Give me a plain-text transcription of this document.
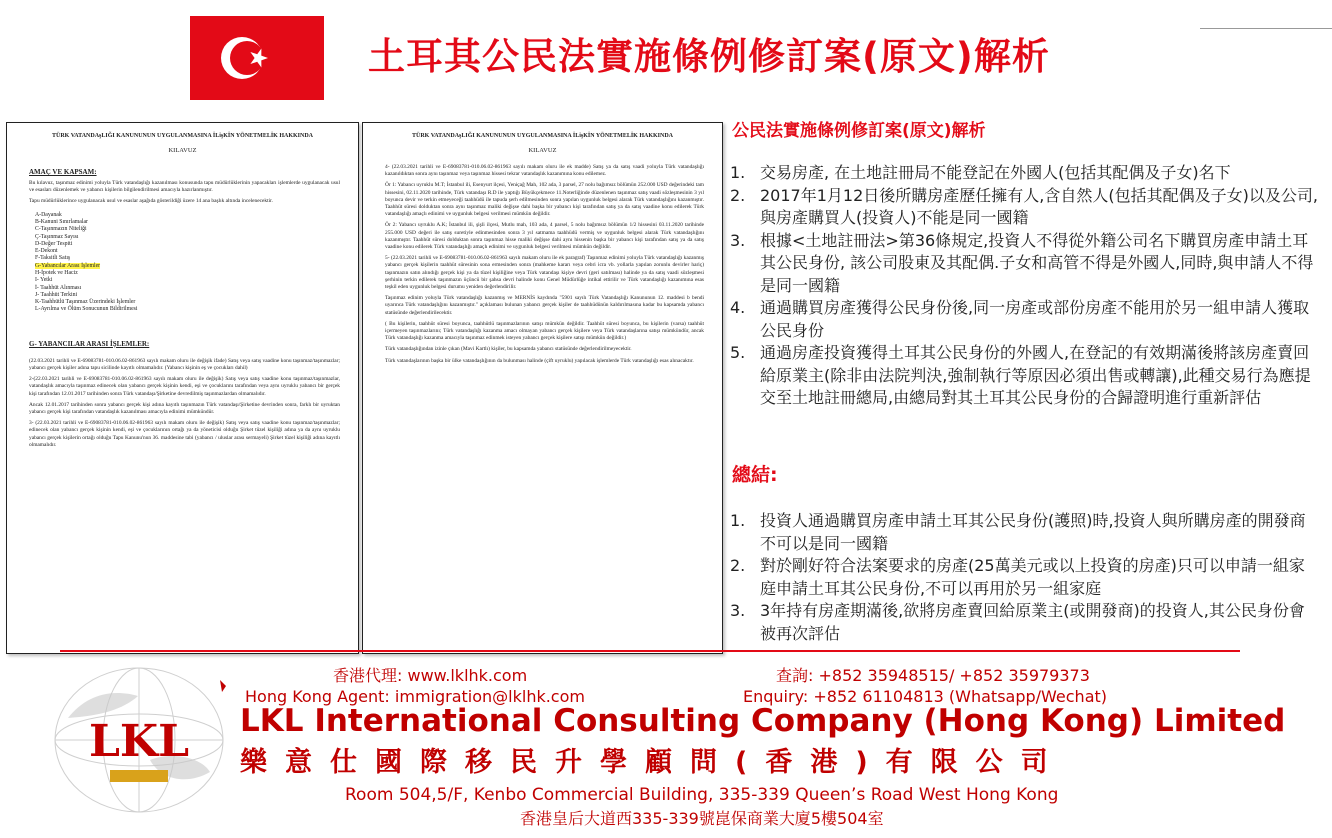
土耳其公民法實施條例修訂案(原文)解析
TÜRK VATANDAşLIĞI KANUNUNUN UYGULANMASINA İLişKİN YÖNETMELİK HAKKINDA
KILAVUZ
AMAÇ VE KAPSAM:

Bu kılavuz, taşınmaz edinimi yoluyla Türk vatandaşlığı kazanılması konusunda tapu müdürlüklerinin yapacakları işlemlerde uygulanacak usul ve esasları düzenlemek ve yabancı kişilerin bilgilendirilmesi amacıyla hazırlanmıştır.

Tapu müdürlüklerince uygulanacak usul ve esaslar aşağıda gösterildiği üzere 14 ana başlık altında incelenecektir.

A-Dayanak
B-Kanuni Sınırlamalar
C-Taşınmazın Niteliği
Ç-Taşınmaz Sayısı
D-Değer Tespiti
E-Dekont
F-Taksitli Satış
G-Yabancılar Arası İşlemler
H-İpotek ve Haciz
I- Yetki
İ- Taahhüt Alınması
J- Taahhüt Terkini
K-Taahhütlü Taşınmaz Üzerindeki İşlemler
L-Ayrılma ve Ölüm Sonucunun Bildirilmesi
G- YABANCILAR ARASI İŞLEMLER:

(22.03.2021 tarihli ve E-69083781-010.06.02-861963 sayılı makam oluru ile değişik ifade) Satış veya satış vaadine konu taşınmaz/taşınmazlar; yabancı gerçek kişiler adına tapu sicilinde kayıtlı olmamalıdır. (Yabancı kişinin eş ve çocukları dahil)

2-(22.03.2021 tarihli ve E-69083781-010.06.02-861963 sayılı makam oluru ile değişik) Satış veya satış vaadine konu taşınmaz/taşınmazlar, vatandaşlık amacıyla taşınmaz edinecek olan yabancı gerçek kişinin kendi, eşi ve çocuklarını tarafından veya aynı uyruklu yabancı bir gerçek kişi tarafından 12.01.2017 tarihinden sonra Türk vatandaşı/Şirketine devredilmiş taşınmazlardan olmamalıdır.

Ancak 12.01.2017 tarihinden sonra yabancı gerçek kişi adına kayıtlı taşınmazın Türk vatandaşı/Şirketine devrinden sonra, farklı bir uyruktan yabancı gerçek kişi tarafından vatandaşlık kazanılması amacıyla edinimi mümkündür.

3- (22.03.2021 tarihli ve E-69083781-010.06.02-861963 sayılı makam oluru ile değişik) Satış veya satış vaadine konu taşınmaz/taşınmazlar; edinecek olan yabancı gerçek kişinin kendi, eşi ve çocuklarının ortağı ya da yöneticisi olduğu Şirket tüzel kişiliği adına ya da aynı uyruklu yabancı gerçek kişilerin ortağı olduğu Tapu Kanunu'nun 36. maddesine tabi (yabancı / uluslar arası sermayeli) Şirket tüzel kişiliği adına kayıtlı olmamalıdır.

TÜRK VATANDAşLIĞI KANUNUNUN UYGULANMASINA İLişKİN YÖNETMELİK HAKKINDA
KILAVUZ

4- (22.03.2021 tarihli ve E-69083781-010.06.02-861963 sayılı makam oluru ile ek madde) Satış ya da satış vaadi yoluyla Türk vatandaşlığı kazanıldıktan sonra aynı taşınmaz veya taşınmaz hissesi tekrar vatandaşlık kazanımına konu edilemez.

Ör 1: Yabancı uyruklu M.T; İstanbul ili, Esenyurt ilçesi, Yeniçağ Mah, 102 ada, 3 parsel, 27 nolu bağımsız bölümün 252.000 USD değerindeki tam hissesini, 02.11.2020 tarihinde, Türk vatandaşı R.D ile yaptığı Büyükçekmece 11.Noterliğinde düzenlenen taşınmaz satış vaadi sözleşmesinin 3 yıl boyunca devir ve terkin etmeyeceği taahhüdü ile tapuda şerh edilmesinden sonra yapılan uygunluk belgesi alarak Türk vatandaşlığını kazanmıştır. Taahhüt süresi dolduktan sonra aynı taşınmaz maliki değişse dahi başka bir yabancı kişi tarafından satış ya da satış vaadine konu edilerek Türk vatandaşlığı amaçlı edinimi ve uygunluk belgesi verilmesi mümkün değildir.

Ör 2: Yabancı uyruklu A.K; İstanbul ili, şişli ilçesi, Mutlu mah, 103 ada, 4 parsel, 5 nolu bağımsız bölümün 1/2 hissesini 03.11.2020 tarihinde 255.000 USD değeri ile satış suretiyle edinmesinden sonra 3 yıl satmama taahhüdü vermiş ve uygunluk belgesi alarak Türk vatandaşlığını kazanmıştır. Taahhüt süresi dolduktan sonra taşınmaz hisse maliki değişse dahi aynı hissenin başka bir yabancı kişi tarafından satış ya da satış vaadine konu edilerek Türk vatandaşlığı amaçlı edinimi ve uygunluk belgesi verilmesi mümkün değildir.

5- (22.03.2021 tarihli ve E-69083781-010.06.02-861963 sayılı makam oluru ile ek paragraf) Taşınmaz edinimi yoluyla Türk vatandaşlığı kazanmış yabancı gerçek kişilerin taahhüt süresinin sona ermesinden sonra (mahkeme kararı veya cebri icra vb. yollarla yapılan zorunlu devirler hariç) taşınmazın satın alındığı gerçek kişi ya da tüzel kişiliğine veya Türk vatandaşı kişiye devri (geri satılması) halinde ya da satış vaadi sözleşmesi şerhinin terkin edilerek taşınmazın üçüncü bir şahsa devri halinde konu Genel Müdürlüğe intikal ettirilir ve Türk vatandaşlığı kazanımına esas teşkil eden uygunluk belgesi durumu yeniden değerlendirilir.

Taşınmaz edinim yoluyla Türk vatandaşlığı kazanmış ve MERNİS kaydında "5901 sayılı Türk Vatandaşlığı Kanununun 12. maddesi b bendi uyarınca Türk vatandaşlığını kazanmıştır." açıklaması bulunan yabancı gerçek kişiler de taahhüdünün kaldırılmasına kadar bu kapsamda yabancı statüsünde değerlendirilecektir.

( Bu kişilerin, taahhüt süresi boyunca, taahhütlü taşınmazlarının satışı mümkün değildir. Taahhüt süresi boyunca, bu kişilerin (varsa) taahhüt içermeyen taşınmazlarını; Türk vatandaşlığı kazanma amacı olmayan yabancı gerçek kişilere veya Türk vatandaşlarına satışı mümkündür, ancak Türk vatandaşlığı kazanma amacıyla taşınmaz edinmek isteyen yabancı gerçek kişilere satışı mümkün değildir.)

Türk vatandaşlığından izinle çıkan (Mavi Kartlı) kişiler, bu kapsamda yabancı statüsünde değerlendirilmeyecektir.

Türk vatandaşlarının başka bir ülke vatandaşlığının da bulunması halinde (çift uyruklu) yapılacak işlemlerde Türk vatandaşlığı esas alınacaktır.

公民法實施條例修訂案(原文)解析
1. 交易房產, 在土地註冊局不能登記在外國人(包括其配偶及子女)名下
2. 2017年1月12日後所購房產歷任擁有人,含自然人(包括其配偶及子女)以及公司,與房產購買人(投資人)不能是同一國籍
3. 根據<土地註冊法>第36條規定,投資人不得從外籍公司名下購買房產申請土耳其公民身份, 該公司股東及其配偶.子女和高管不得是外國人,同時,與申請人不得是同一國籍
4. 通過購買房產獲得公民身份後,同一房產或部份房產不能用於另一組申請人獲取公民身份
5. 通過房產投資獲得土耳其公民身份的外國人,在登記的有效期滿後將該房產賣回給原業主(除非由法院判決,強制執行等原因必須出售或轉讓),此種交易行為應提交至土地註冊總局,由總局對其土耳其公民身份的合歸證明進行重新評估
總結:
1. 投資人通過購買房產申請土耳其公民身份(護照)時,投資人與所購房產的開發商不可以是同一國籍
2. 對於剛好符合法案要求的房產(25萬美元或以上投資的房產)只可以申請一組家庭申請土耳其公民身份,不可以再用於另一組家庭
3. 3年持有房產期滿後,欲將房產賣回給原業主(或開發商)的投資人,其公民身份會被再次評估
LKL
香港代理: www.lklhk.com
Hong Kong Agent: immigration@lklhk.com
查詢: +852 35948515/ +852 35979373
Enquiry: +852 61104813 (Whatsapp/Wechat)
LKL International Consulting Company (Hong Kong) Limited
樂意仕國際移民升學顧問(香港)有限公司
Room 504,5/F, Kenbo Commercial Building, 335-339 Queen’s Road West Hong Kong
香港皇后大道西335-339號崑保商業大廈5樓504室
